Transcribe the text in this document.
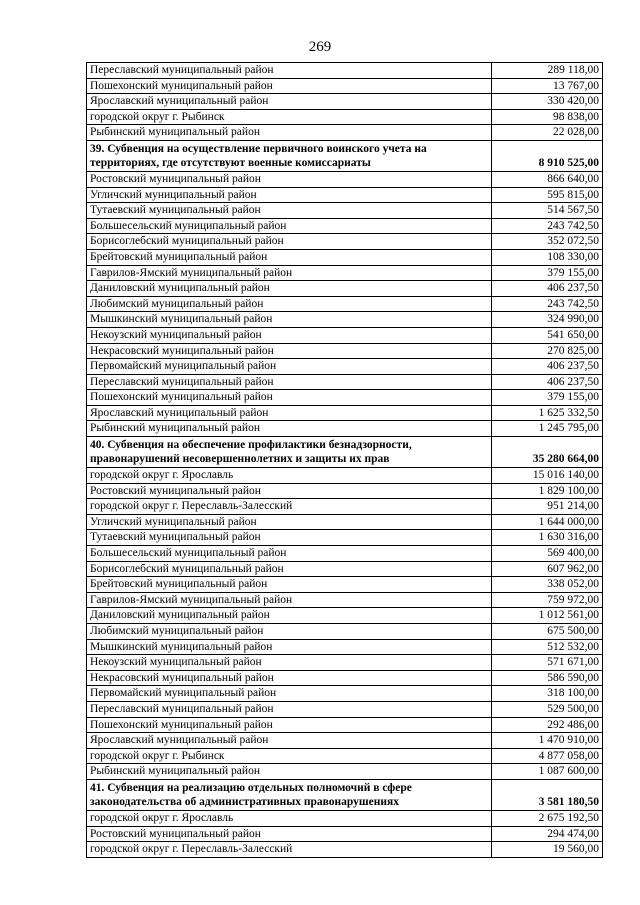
269
Переславский муниципальный район	289 118,00
Пошехонский муниципальный район	13 767,00
Ярославский муниципальный район	330 420,00
городской округ г. Рыбинск	98 838,00
Рыбинский муниципальный район	22 028,00
39. Субвенция на осуществление первичного воинского учета на территориях, где отсутствуют военные комиссариаты	8 910 525,00
Ростовский муниципальный район	866 640,00
Угличский муниципальный район	595 815,00
Тутаевский муниципальный район	514 567,50
Большесельский муниципальный район	243 742,50
Борисоглебский муниципальный район	352 072,50
Брейтовский муниципальный район	108 330,00
Гаврилов-Ямский муниципальный район	379 155,00
Даниловский муниципальный район	406 237,50
Любимский муниципальный район	243 742,50
Мышкинский муниципальный район	324 990,00
Некоузский муниципальный район	541 650,00
Некрасовский муниципальный район	270 825,00
Первомайский муниципальный район	406 237,50
Переславский муниципальный район	406 237,50
Пошехонский муниципальный район	379 155,00
Ярославский муниципальный район	1 625 332,50
Рыбинский муниципальный район	1 245 795,00
40. Субвенция на обеспечение профилактики безнадзорности, правонарушений несовершеннолетних и защиты их прав	35 280 664,00
городской округ г. Ярославль	15 016 140,00
Ростовский муниципальный район	1 829 100,00
городской округ г. Переславль-Залесский	951 214,00
Угличский муниципальный район	1 644 000,00
Тутаевский муниципальный район	1 630 316,00
Большесельский муниципальный район	569 400,00
Борисоглебский муниципальный район	607 962,00
Брейтовский муниципальный район	338 052,00
Гаврилов-Ямский муниципальный район	759 972,00
Даниловский муниципальный район	1 012 561,00
Любимский муниципальный район	675 500,00
Мышкинский муниципальный район	512 532,00
Некоузский муниципальный район	571 671,00
Некрасовский муниципальный район	586 590,00
Первомайский муниципальный район	318 100,00
Переславский муниципальный район	529 500,00
Пошехонский муниципальный район	292 486,00
Ярославский муниципальный район	1 470 910,00
городской округ г. Рыбинск	4 877 058,00
Рыбинский муниципальный район	1 087 600,00
41. Субвенция на реализацию отдельных полномочий в сфере законодательства об административных правонарушениях	3 581 180,50
городской округ г. Ярославль	2 675 192,50
Ростовский муниципальный район	294 474,00
городской округ г. Переславль-Залесский	19 560,00
